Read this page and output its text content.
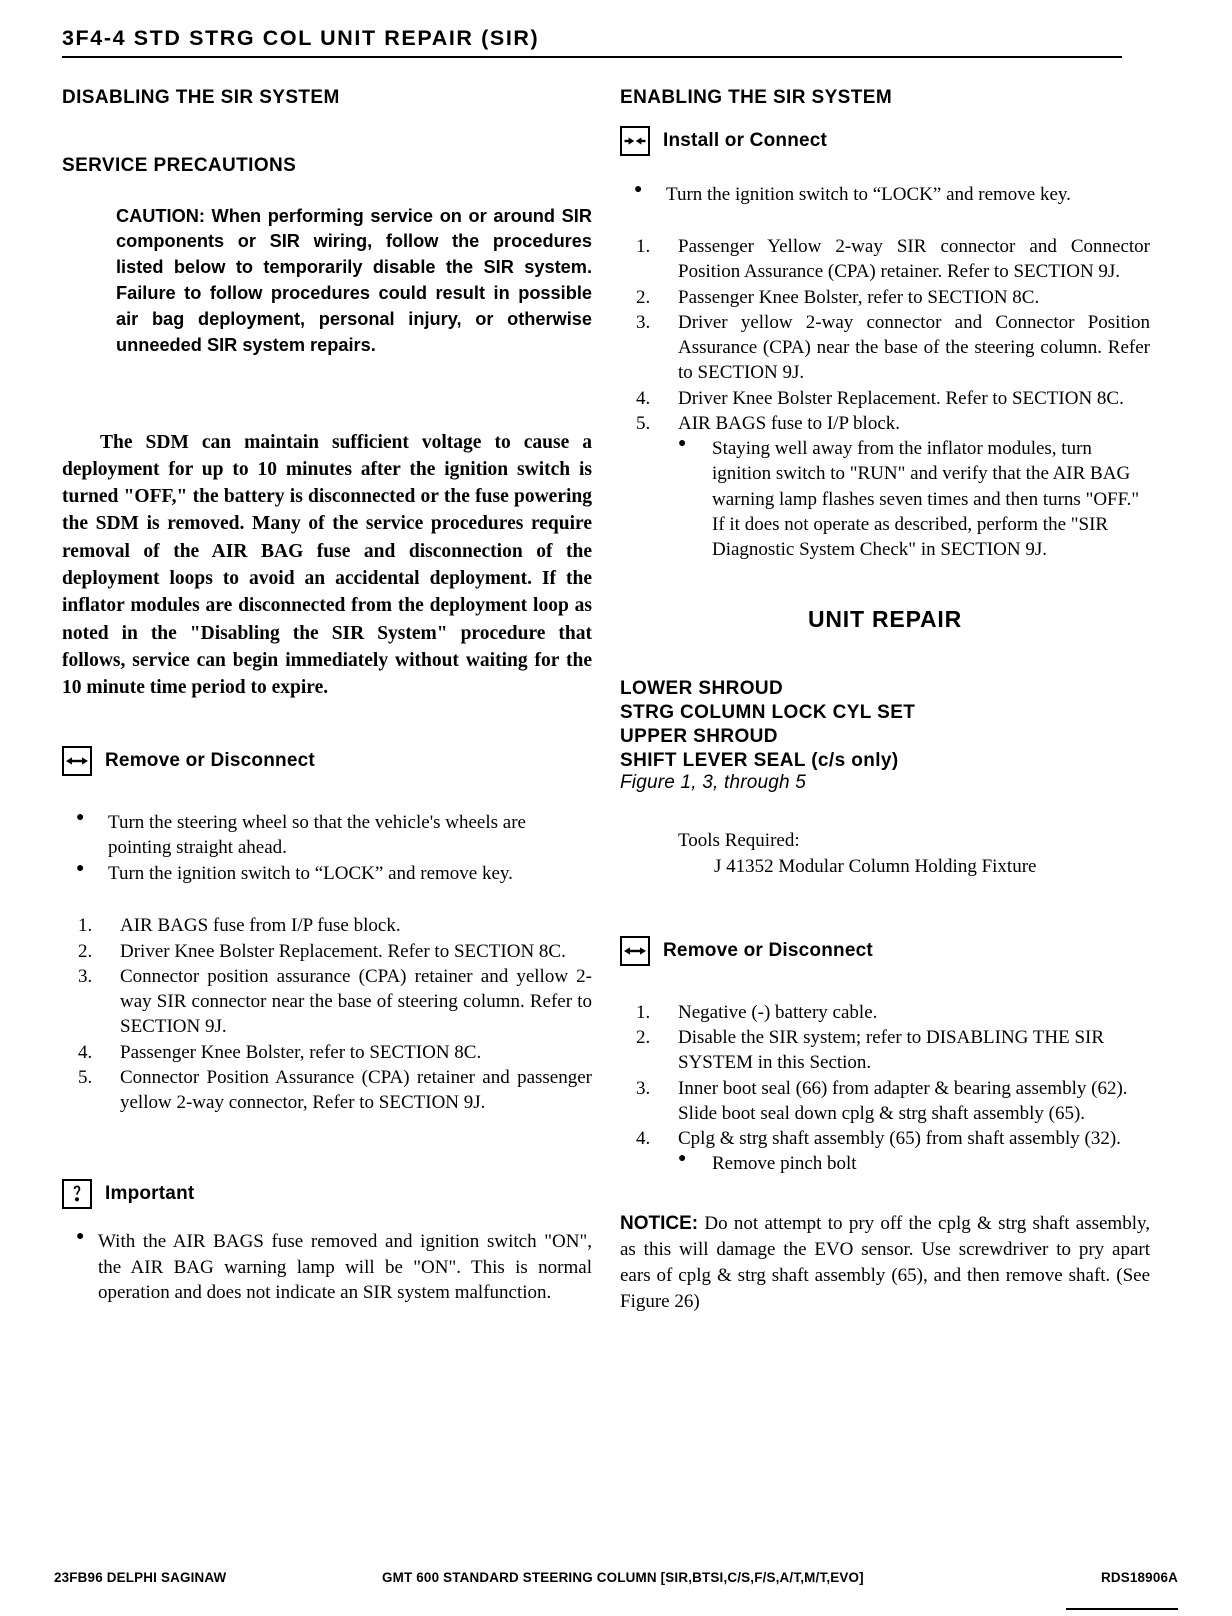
3F4-4 STD STRG COL UNIT REPAIR (SIR)
DISABLING THE SIR SYSTEM
SERVICE PRECAUTIONS
CAUTION: When performing service on or around SIR components or SIR wiring, follow the procedures listed below to temporarily disable the SIR system. Failure to follow procedures could result in possible air bag deployment, personal injury, or otherwise unneeded SIR system repairs.
The SDM can maintain sufficient voltage to cause a deployment for up to 10 minutes after the ignition switch is turned "OFF," the battery is disconnected or the fuse powering the SDM is removed. Many of the service procedures require removal of the AIR BAG fuse and disconnection of the deployment loops to avoid an accidental deployment. If the inflator modules are disconnected from the deployment loop as noted in the "Disabling the SIR System" procedure that follows, service can begin immediately without waiting for the 10 minute time period to expire.
Remove or Disconnect
● Turn the steering wheel so that the vehicle's wheels are pointing straight ahead.
● Turn the ignition switch to “LOCK” and remove key.
1. AIR BAGS fuse from I/P fuse block.
2. Driver Knee Bolster Replacement. Refer to SECTION 8C.
3. Connector position assurance (CPA) retainer and yellow 2-way SIR connector near the base of steering column. Refer to SECTION 9J.
4. Passenger Knee Bolster, refer to SECTION 8C.
5. Connector Position Assurance (CPA) retainer and passenger yellow 2-way connector, Refer to SECTION 9J.
Important
● With the AIR BAGS fuse removed and ignition switch "ON", the AIR BAG warning lamp will be "ON". This is normal operation and does not indicate an SIR system malfunction.
ENABLING THE SIR SYSTEM
Install or Connect
● Turn the ignition switch to “LOCK” and remove key.
1. Passenger Yellow 2-way SIR connector and Connector Position Assurance (CPA) retainer. Refer to SECTION 9J.
2. Passenger Knee Bolster, refer to SECTION 8C.
3. Driver yellow 2-way connector and Connector Position Assurance (CPA) near the base of the steering column. Refer to SECTION 9J.
4. Driver Knee Bolster Replacement. Refer to SECTION 8C.
5. AIR BAGS fuse to I/P block.
● Staying well away from the inflator modules, turn ignition switch to "RUN" and verify that the AIR BAG warning lamp flashes seven times and then turns "OFF." If it does not operate as described, perform the "SIR Diagnostic System Check" in SECTION 9J.
UNIT REPAIR
LOWER SHROUD
STRG COLUMN LOCK CYL SET
UPPER SHROUD
SHIFT LEVER SEAL (c/s only)
Figure 1, 3, through 5
Tools Required:
J 41352 Modular Column Holding Fixture
Remove or Disconnect
1. Negative (-) battery cable.
2. Disable the SIR system; refer to DISABLING THE SIR SYSTEM in this Section.
3. Inner boot seal (66) from adapter & bearing assembly (62). Slide boot seal down cplg & strg shaft assembly (65).
4. Cplg & strg shaft assembly (65) from shaft assembly (32).
● Remove pinch bolt
NOTICE: Do not attempt to pry off the cplg & strg shaft assembly, as this will damage the EVO sensor. Use screwdriver to pry apart ears of cplg & strg shaft assembly (65), and then remove shaft. (See Figure 26)
23FB96 DELPHI SAGINAW	GMT 600 STANDARD STEERING COLUMN [SIR,BTSI,C/S,F/S,A/T,M/T,EVO]	RDS18906A
